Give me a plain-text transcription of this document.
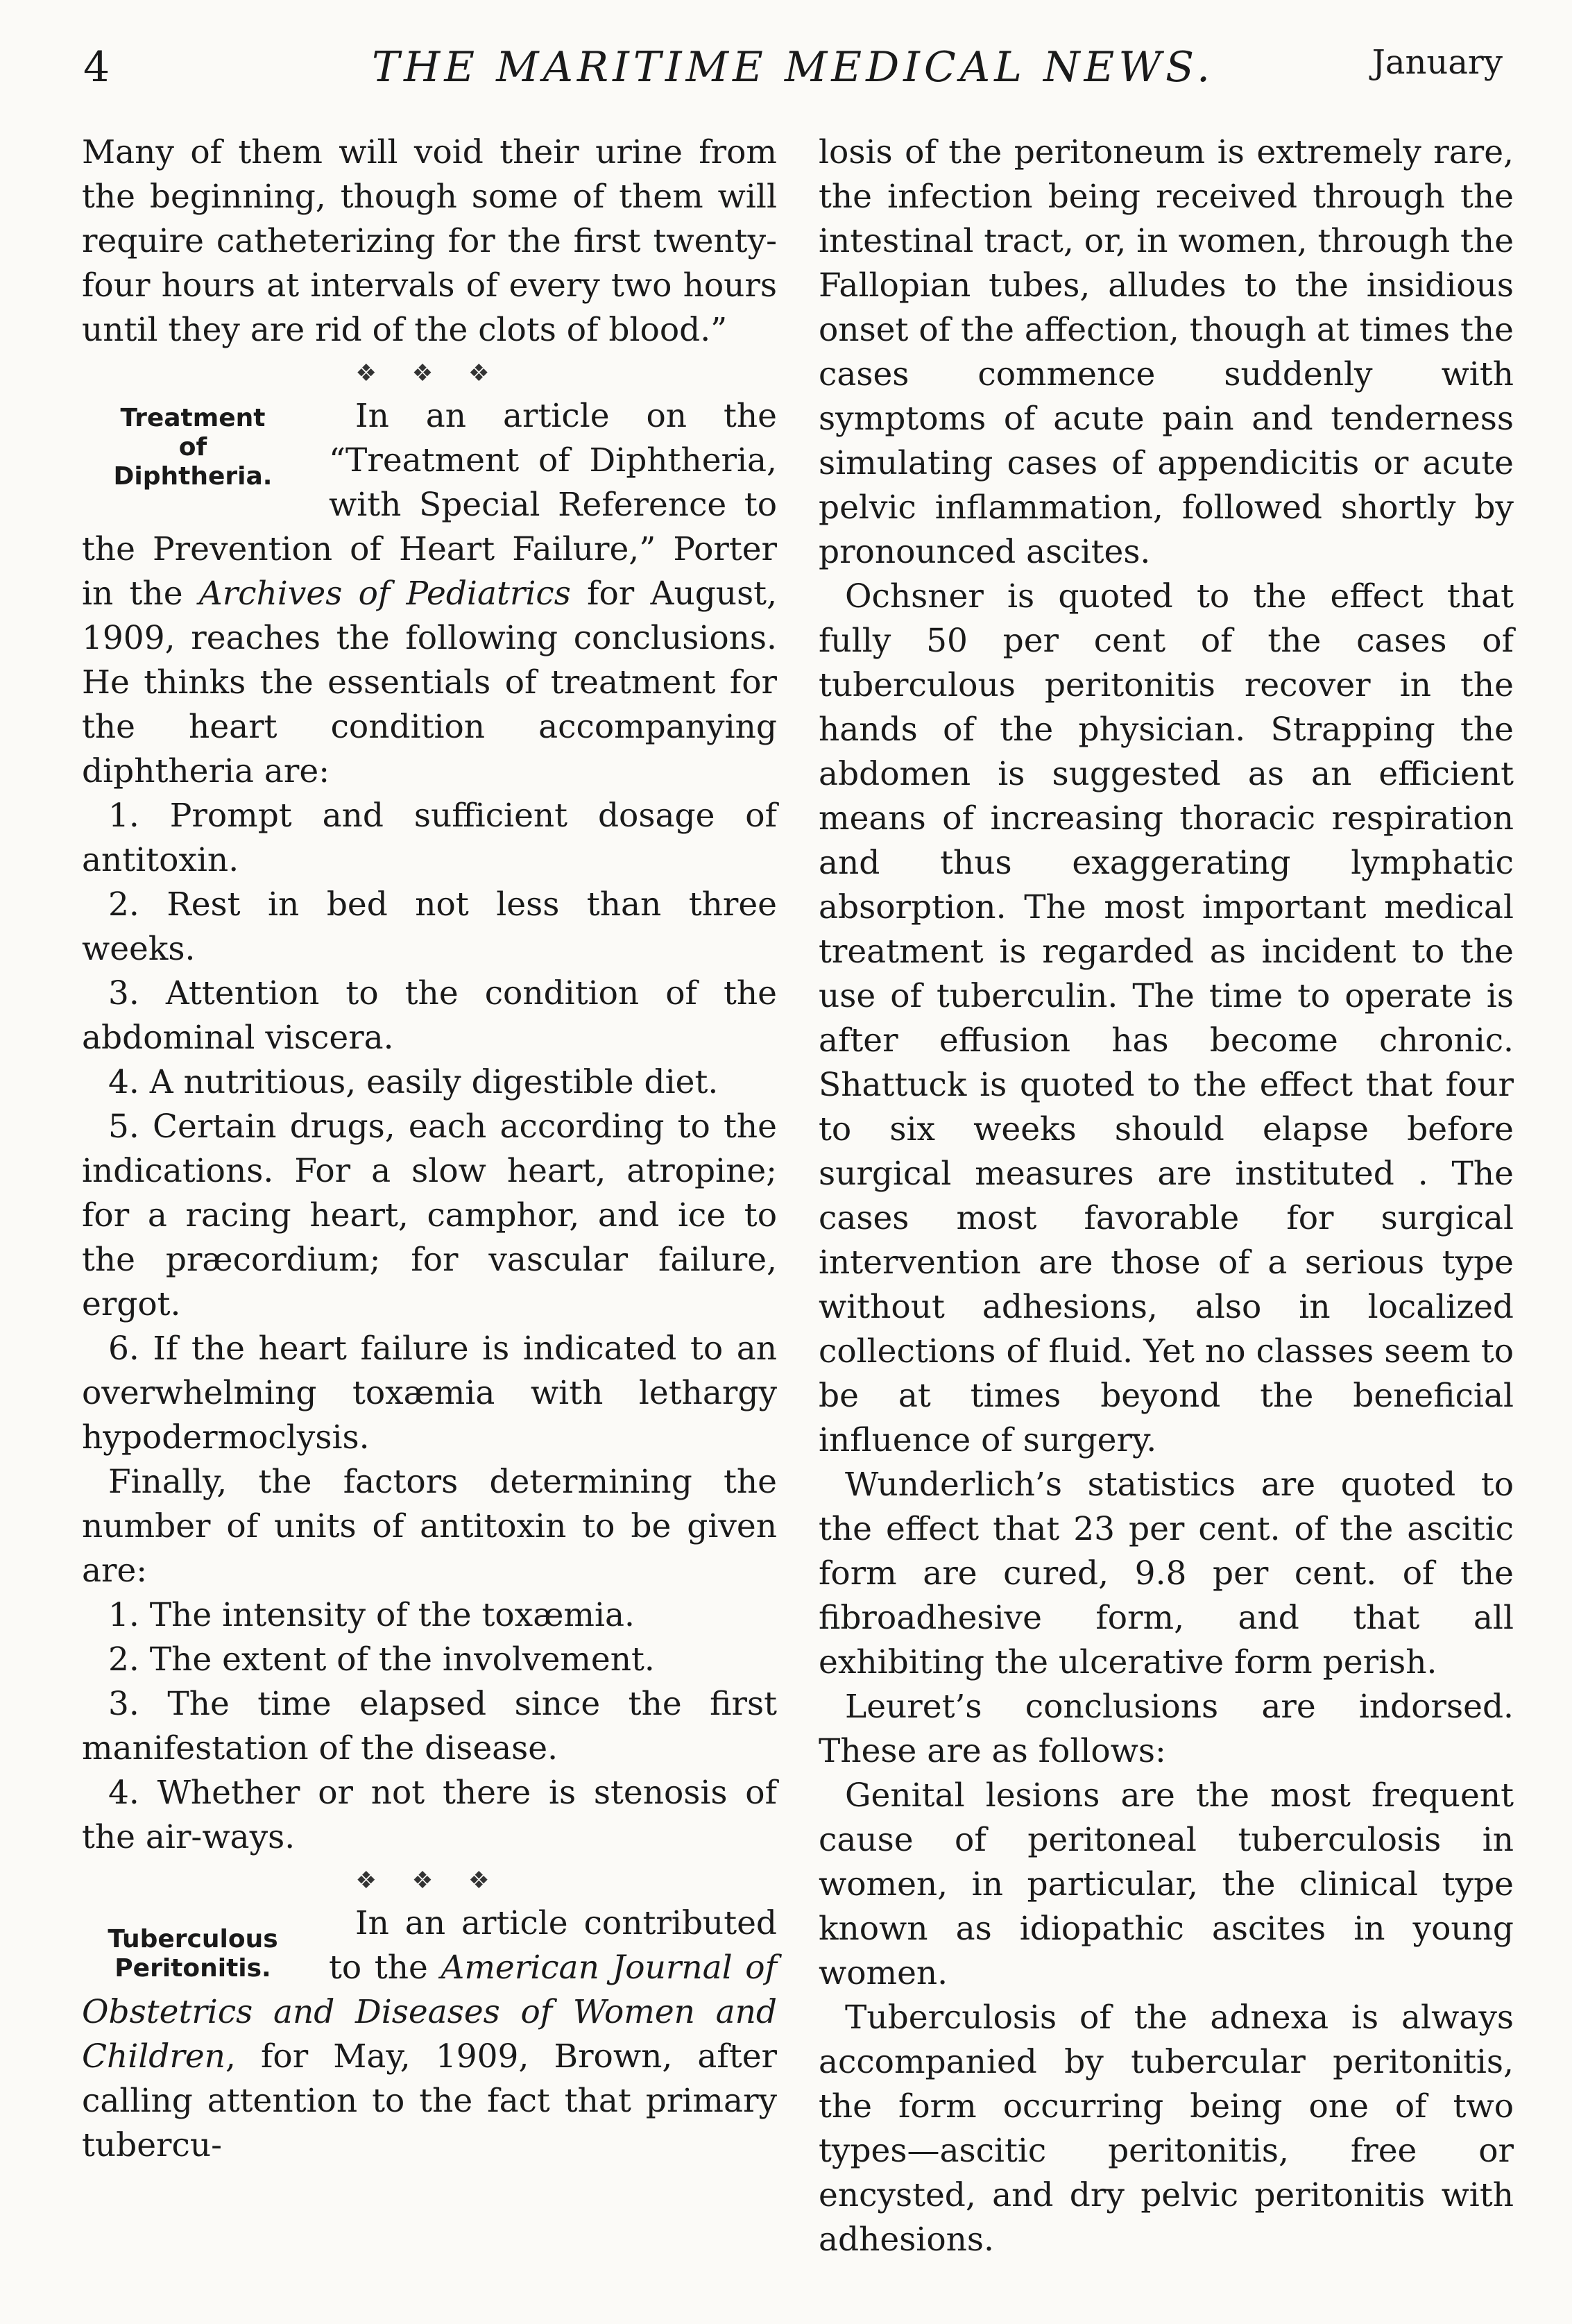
4	THE MARITIME MEDICAL NEWS.	January

Many of them will void their urine from the beginning, though some of them will require catheterizing for the first twenty-four hours at intervals of every two hours until they are rid of the clots of blood.”

❖ ❖ ❖
Treatment
of
Diphtheria.

In an article on the “Treatment of Diphtheria, with Special Reference to the Prevention of Heart Failure,” Porter in the Archives of Pediatrics for August, 1909, reaches the following conclusions. He thinks the essentials of treatment for the heart condition accompanying diphtheria are:

1. Prompt and sufficient dosage of antitoxin.

2. Rest in bed not less than three weeks.

3. Attention to the condition of the abdominal viscera.

4. A nutritious, easily digestible diet.

5. Certain drugs, each according to the indications. For a slow heart, atropine; for a racing heart, camphor, and ice to the præcordium; for vascular failure, ergot.

6. If the heart failure is indicated to an overwhelming toxæmia with lethargy hypodermoclysis.

Finally, the factors determining the number of units of antitoxin to be given are:

1. The intensity of the toxæmia.

2. The extent of the involvement.

3. The time elapsed since the first manifestation of the disease.

4. Whether or not there is stenosis of the air-ways.

❖ ❖ ❖
Tuberculous
Peritonitis.

In an article contributed to the American Journal of Obstetrics and Diseases of Women and Children, for May, 1909, Brown, after calling attention to the fact that primary tubercu-

losis of the peritoneum is extremely rare, the infection being received through the intestinal tract, or, in women, through the Fallopian tubes, alludes to the insidious onset of the affection, though at times the cases commence suddenly with symptoms of acute pain and tenderness simulating cases of appendicitis or acute pelvic inflammation, followed shortly by pronounced ascites.

Ochsner is quoted to the effect that fully 50 per cent of the cases of tuberculous peritonitis recover in the hands of the physician. Strapping the abdomen is suggested as an efficient means of increasing thoracic respiration and thus exaggerating lymphatic absorption. The most important medical treatment is regarded as incident to the use of tuberculin. The time to operate is after effusion has become chronic. Shattuck is quoted to the effect that four to six weeks should elapse before surgical measures are instituted . The cases most favorable for surgical intervention are those of a serious type without adhesions, also in localized collections of fluid. Yet no classes seem to be at times beyond the beneficial influence of surgery.

Wunderlich’s statistics are quoted to the effect that 23 per cent. of the ascitic form are cured, 9.8 per cent. of the fibroadhesive form, and that all exhibiting the ulcerative form perish.

Leuret’s conclusions are indorsed. These are as follows:

Genital lesions are the most frequent cause of peritoneal tuberculosis in women, in particular, the clinical type known as idiopathic ascites in young women.

Tuberculosis of the adnexa is always accompanied by tubercular peritonitis, the form occurring being one of two types—ascitic peritonitis, free or encysted, and dry pelvic peritonitis with adhesions.
